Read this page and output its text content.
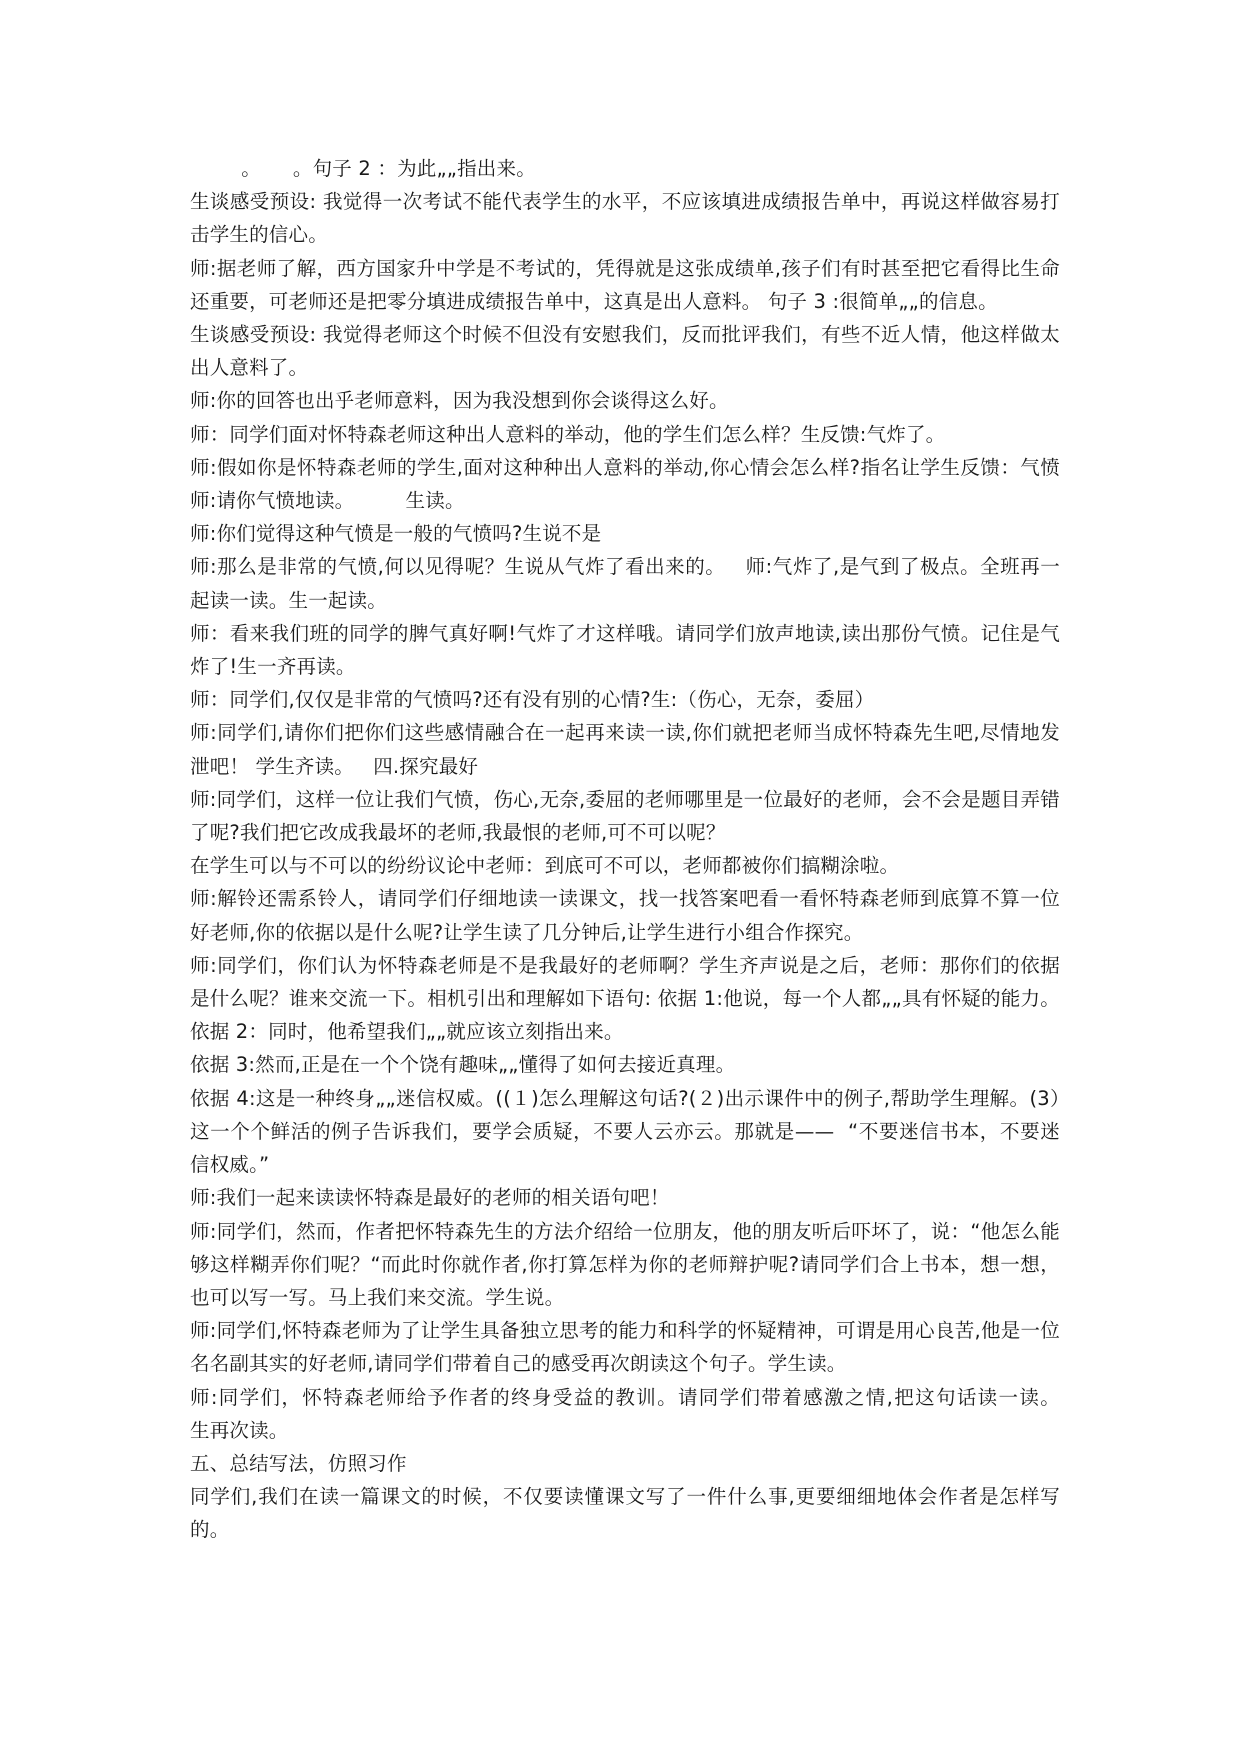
。     。句子 2 ：为此„„指出来。

生谈感受预设: 我觉得一次考试不能代表学生的水平，不应该填进成绩报告单中，再说这样做容易打击学生的信心。

师:据老师了解，西方国家升中学是不考试的，凭得就是这张成绩单,孩子们有时甚至把它看得比生命还重要，可老师还是把零分填进成绩报告单中，这真是出人意料。 句子 3 :很简单„„的信息。

生谈感受预设: 我觉得老师这个时候不但没有安慰我们，反而批评我们，有些不近人情，他这样做太出人意料了。

师:你的回答也出乎老师意料，因为我没想到你会谈得这么好。

师：同学们面对怀特森老师这种出人意料的举动，他的学生们怎么样？生反馈:气炸了。

师:假如你是怀特森老师的学生,面对这种种出人意料的举动,你心情会怎么样?指名让学生反馈：气愤  师:请你气愤地读。        生读。

师:你们觉得这种气愤是一般的气愤吗?生说不是

师:那么是非常的气愤,何以见得呢？生说从气炸了看出来的。   师:气炸了,是气到了极点。全班再一起读一读。生一起读。

师：看来我们班的同学的脾气真好啊!气炸了才这样哦。请同学们放声地读,读出那份气愤。记住是气炸了!生一齐再读。

师：同学们,仅仅是非常的气愤吗?还有没有别的心情?生:（伤心，无奈，委屈）

师:同学们,请你们把你们这些感情融合在一起再来读一读,你们就把老师当成怀特森先生吧,尽情地发泄吧！ 学生齐读。   四.探究最好

师:同学们，这样一位让我们气愤，伤心,无奈,委屈的老师哪里是一位最好的老师，会不会是题目弄错了呢?我们把它改成我最坏的老师,我最恨的老师,可不可以呢？

在学生可以与不可以的纷纷议论中老师：到底可不可以，老师都被你们搞糊涂啦。

师:解铃还需系铃人，请同学们仔细地读一读课文，找一找答案吧看一看怀特森老师到底算不算一位好老师,你的依据以是什么呢?让学生读了几分钟后,让学生进行小组合作探究。

师:同学们，你们认为怀特森老师是不是我最好的老师啊？学生齐声说是之后，老师：那你们的依据是什么呢？谁来交流一下。相机引出和理解如下语句: 依据 1:他说，每一个人都„„具有怀疑的能力。 依据 2：同时，他希望我们„„就应该立刻指出来。

依据 3:然而,正是在一个个饶有趣味„„懂得了如何去接近真理。

依据 4:这是一种终身„„迷信权威。((１)怎么理解这句话?(２)出示课件中的例子,帮助学生理解。(3）这一个个鲜活的例子告诉我们，要学会质疑，不要人云亦云。那就是——  “不要迷信书本，不要迷信权威。”

师:我们一起来读读怀特森是最好的老师的相关语句吧！

师:同学们，然而，作者把怀特森先生的方法介绍给一位朋友，他的朋友听后吓坏了，说：“他怎么能够这样糊弄你们呢？“而此时你就作者,你打算怎样为你的老师辩护呢?请同学们合上书本，想一想，也可以写一写。马上我们来交流。学生说。

师:同学们,怀特森老师为了让学生具备独立思考的能力和科学的怀疑精神，可谓是用心良苦,他是一位名名副其实的好老师,请同学们带着自己的感受再次朗读这个句子。学生读。

师:同学们，怀特森老师给予作者的终身受益的教训。请同学们带着感激之情,把这句话读一读。      生再次读。

五、总结写法，仿照习作

同学们,我们在读一篇课文的时候，不仅要读懂课文写了一件什么事,更要细细地体会作者是怎样写的。
